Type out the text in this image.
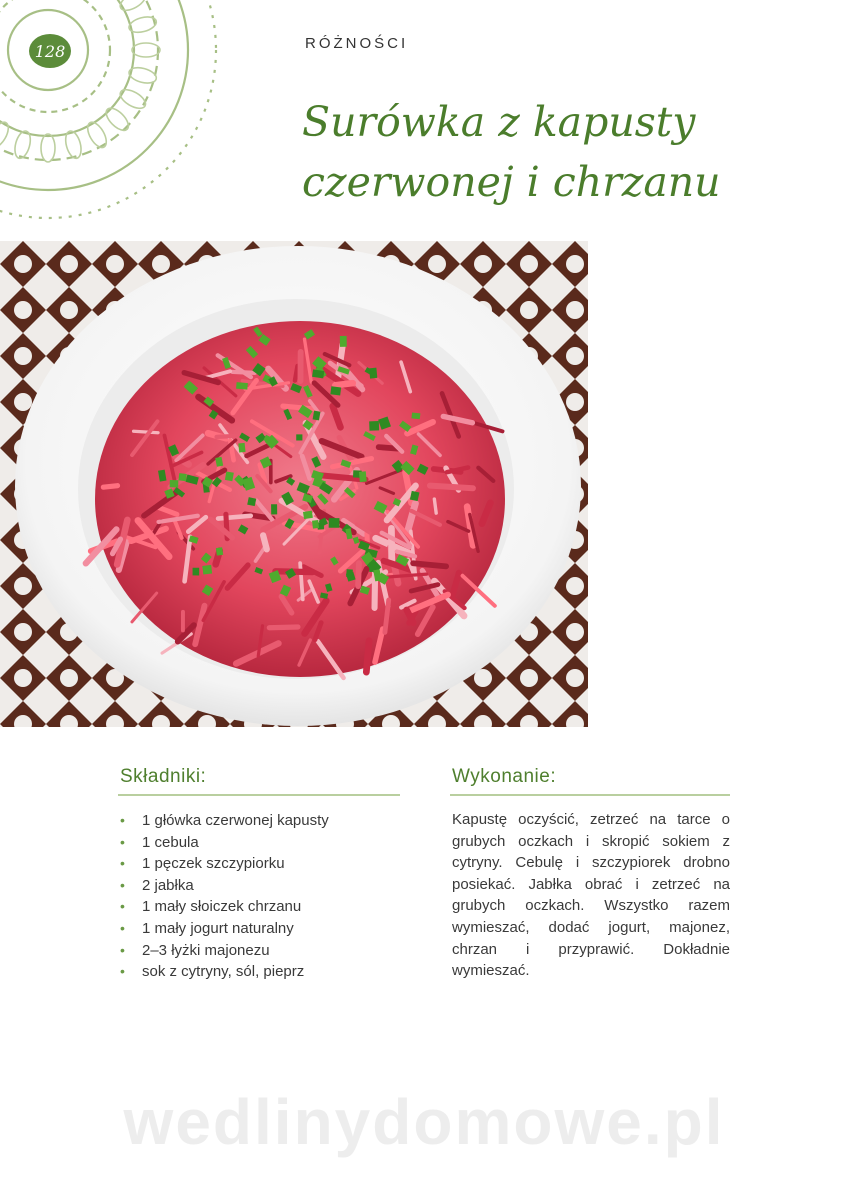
128	RÓŻNOŚCI
Surówka z kapusty
czerwonej i chrzanu
Składniki:
• 1 główka czerwonej kapusty
• 1 cebula
• 1 pęczek szczypiorku
• 2 jabłka
• 1 mały słoiczek chrzanu
• 1 mały jogurt naturalny
• 2–3 łyżki majonezu
• sok z cytryny, sól, pieprz
Wykonanie:

Kapustę oczyścić, zetrzeć na tarce o grubych oczkach i skropić sokiem z cytryny. Cebulę i szczypiorek drobno posiekać. Jabłka obrać i zetrzeć na grubych oczkach. Wszystko razem wymieszać, dodać jogurt, majonez, chrzan i przyprawić. Dokładnie wymieszać.

wedlinydomowe.pl
